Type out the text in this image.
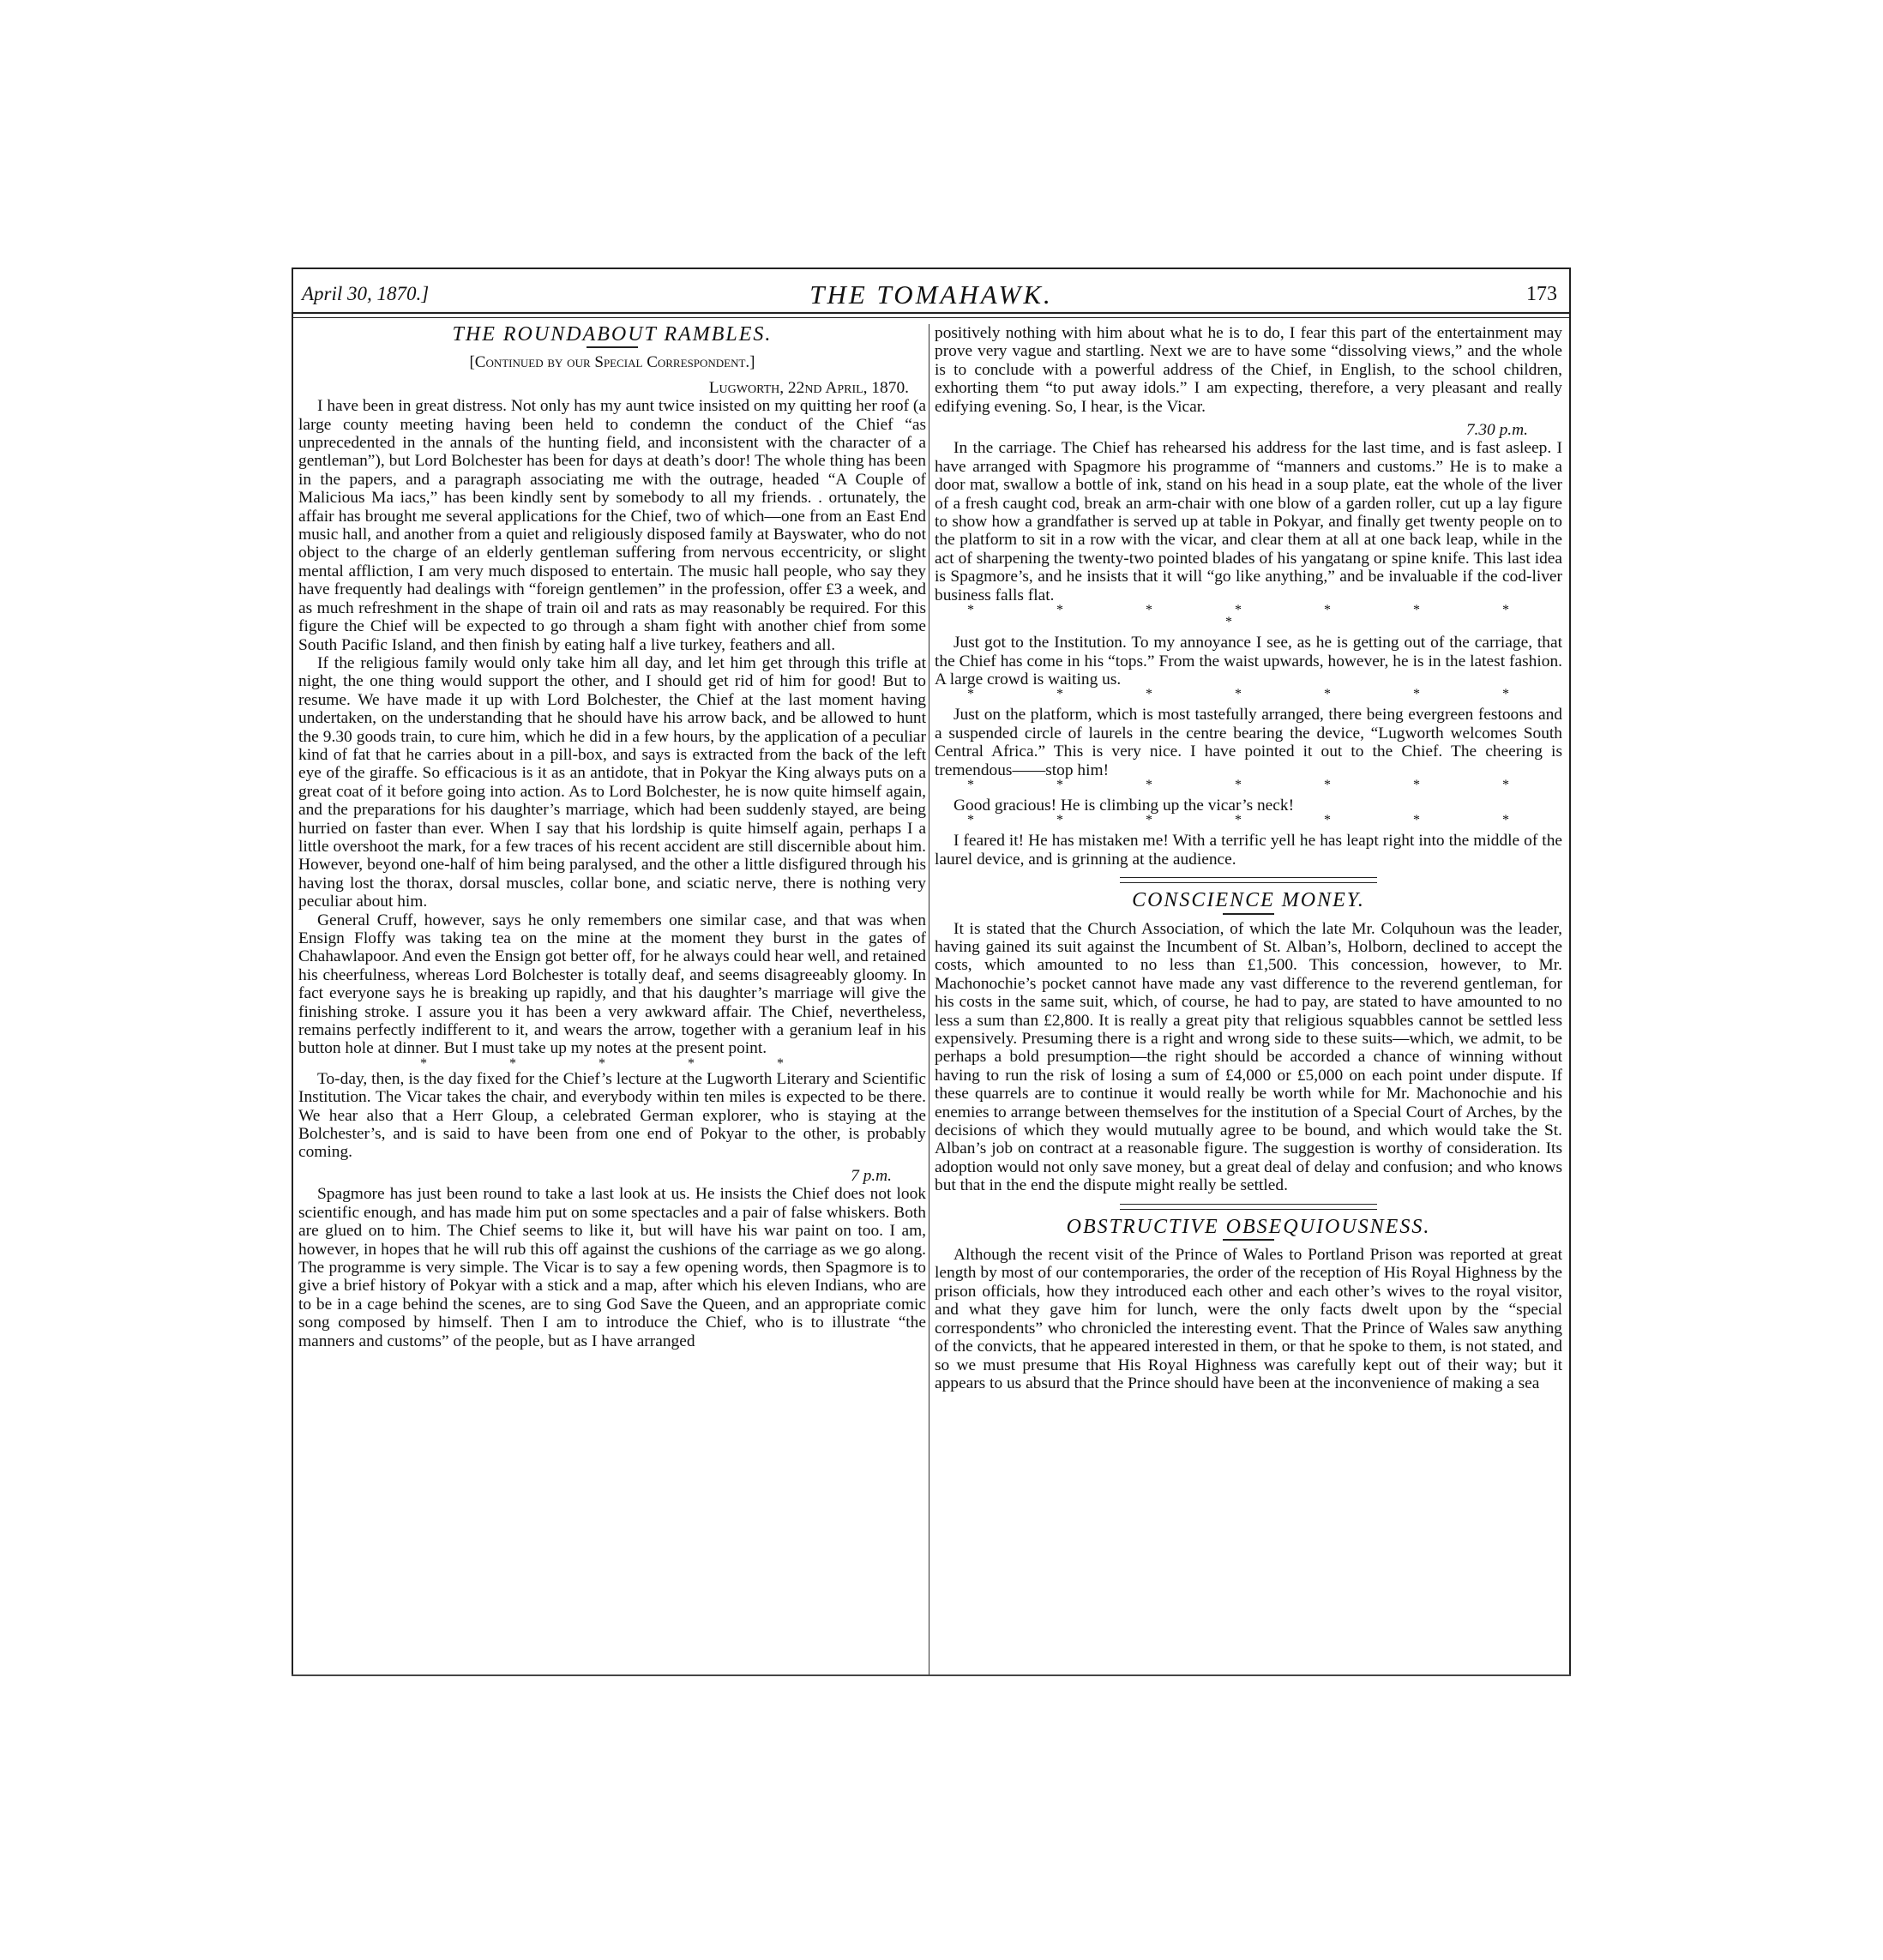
April 30, 1870.]	THE TOMAHAWK.	173
THE ROUNDABOUT RAMBLES.
[Continued by our Special Correspondent.]
Lugworth, 22nd April, 1870.

I have been in great distress. Not only has my aunt twice insisted on my quitting her roof (a large county meeting having been held to condemn the conduct of the Chief “as unprecedented in the annals of the hunting field, and inconsistent with the character of a gentleman”), but Lord Bolchester has been for days at death’s door! The whole thing has been in the papers, and a paragraph associating me with the outrage, headed “A Couple of Malicious Ma iacs,” has been kindly sent by somebody to all my friends. . ortunately, the affair has brought me several applications for the Chief, two of which—one from an East End music hall, and another from a quiet and religiously disposed family at Bayswater, who do not object to the charge of an elderly gentleman suffering from nervous eccentricity, or slight mental affliction, I am very much disposed to entertain. The music hall people, who say they have frequently had dealings with “foreign gentlemen” in the profession, offer £3 a week, and as much refreshment in the shape of train oil and rats as may reasonably be required. For this figure the Chief will be expected to go through a sham fight with another chief from some South Pacific Island, and then finish by eating half a live turkey, feathers and all.

If the religious family would only take him all day, and let him get through this trifle at night, the one thing would support the other, and I should get rid of him for good! But to resume. We have made it up with Lord Bolchester, the Chief at the last moment having undertaken, on the understanding that he should have his arrow back, and be allowed to hunt the 9.30 goods train, to cure him, which he did in a few hours, by the application of a peculiar kind of fat that he carries about in a pill-box, and says is extracted from the back of the left eye of the giraffe. So efficacious is it as an antidote, that in Pokyar the King always puts on a great coat of it before going into action. As to Lord Bolchester, he is now quite himself again, and the preparations for his daughter’s marriage, which had been suddenly stayed, are being hurried on faster than ever. When I say that his lordship is quite himself again, perhaps I a little overshoot the mark, for a few traces of his recent accident are still discernible about him. However, beyond one-half of him being paralysed, and the other a little disfigured through his having lost the thorax, dorsal muscles, collar bone, and sciatic nerve, there is nothing very peculiar about him.

General Cruff, however, says he only remembers one similar case, and that was when Ensign Floffy was taking tea on the mine at the moment they burst in the gates of Chahawlapoor. And even the Ensign got better off, for he always could hear well, and retained his cheerfulness, whereas Lord Bolchester is totally deaf, and seems disagreeably gloomy. In fact everyone says he is breaking up rapidly, and that his daughter’s marriage will give the finishing stroke. I assure you it has been a very awkward affair. The Chief, nevertheless, remains perfectly indifferent to it, and wears the arrow, together with a geranium leaf in his button hole at dinner. But I must take up my notes at the present point.

* * * * *

To-day, then, is the day fixed for the Chief’s lecture at the Lugworth Literary and Scientific Institution. The Vicar takes the chair, and everybody within ten miles is expected to be there. We hear also that a Herr Gloup, a celebrated German explorer, who is staying at the Bolchester’s, and is said to have been from one end of Pokyar to the other, is probably coming.

7 p.m.

Spagmore has just been round to take a last look at us. He insists the Chief does not look scientific enough, and has made him put on some spectacles and a pair of false whiskers. Both are glued on to him. The Chief seems to like it, but will have his war paint on too. I am, however, in hopes that he will rub this off against the cushions of the carriage as we go along. The programme is very simple. The Vicar is to say a few opening words, then Spagmore is to give a brief history of Pokyar with a stick and a map, after which his eleven Indians, who are to be in a cage behind the scenes, are to sing God Save the Queen, and an appropriate comic song composed by himself. Then I am to introduce the Chief, who is to illustrate “the manners and customs” of the people, but as I have arranged

positively nothing with him about what he is to do, I fear this part of the entertainment may prove very vague and startling. Next we are to have some “dissolving views,” and the whole is to conclude with a powerful address of the Chief, in English, to the school children, exhorting them “to put away idols.” I am expecting, therefore, a very pleasant and really edifying evening. So, I hear, is the Vicar.

7.30 p.m.

In the carriage. The Chief has rehearsed his address for the last time, and is fast asleep. I have arranged with Spagmore his programme of “manners and customs.” He is to make a door mat, swallow a bottle of ink, stand on his head in a soup plate, eat the whole of the liver of a fresh caught cod, break an arm-chair with one blow of a garden roller, cut up a lay figure to show how a grandfather is served up at table in Pokyar, and finally get twenty people on to the platform to sit in a row with the vicar, and clear them at all at one back leap, while in the act of sharpening the twenty-two pointed blades of his yangatang or spine knife. This last idea is Spagmore’s, and he insists that it will “go like anything,” and be invaluable if the cod-liver business falls flat.

* * * * * * * *

Just got to the Institution. To my annoyance I see, as he is getting out of the carriage, that the Chief has come in his “tops.” From the waist upwards, however, he is in the latest fashion. A large crowd is waiting us.

* * * * * * *

Just on the platform, which is most tastefully arranged, there being evergreen festoons and a suspended circle of laurels in the centre bearing the device, “Lugworth welcomes South Central Africa.” This is very nice. I have pointed it out to the Chief. The cheering is tremendous——stop him!

* * * * * * *

Good gracious! He is climbing up the vicar’s neck!

* * * * * * *

I feared it! He has mistaken me! With a terrific yell he has leapt right into the middle of the laurel device, and is grinning at the audience.

CONSCIENCE MONEY.

It is stated that the Church Association, of which the late Mr. Colquhoun was the leader, having gained its suit against the Incumbent of St. Alban’s, Holborn, declined to accept the costs, which amounted to no less than £1,500. This concession, however, to Mr. Machonochie’s pocket cannot have made any vast difference to the reverend gentleman, for his costs in the same suit, which, of course, he had to pay, are stated to have amounted to no less a sum than £2,800. It is really a great pity that religious squabbles cannot be settled less expensively. Presuming there is a right and wrong side to these suits—which, we admit, to be perhaps a bold presumption—the right should be accorded a chance of winning without having to run the risk of losing a sum of £4,000 or £5,000 on each point under dispute. If these quarrels are to continue it would really be worth while for Mr. Machonochie and his enemies to arrange between themselves for the institution of a Special Court of Arches, by the decisions of which they would mutually agree to be bound, and which would take the St. Alban’s job on contract at a reasonable figure. The suggestion is worthy of consideration. Its adoption would not only save money, but a great deal of delay and confusion; and who knows but that in the end the dispute might really be settled.

OBSTRUCTIVE OBSEQUIOUSNESS.

Although the recent visit of the Prince of Wales to Portland Prison was reported at great length by most of our contemporaries, the order of the reception of His Royal Highness by the prison officials, how they introduced each other and each other’s wives to the royal visitor, and what they gave him for lunch, were the only facts dwelt upon by the “special correspondents” who chronicled the interesting event. That the Prince of Wales saw anything of the convicts, that he appeared interested in them, or that he spoke to them, is not stated, and so we must presume that His Royal Highness was carefully kept out of their way; but it appears to us absurd that the Prince should have been at the inconvenience of making a sea
